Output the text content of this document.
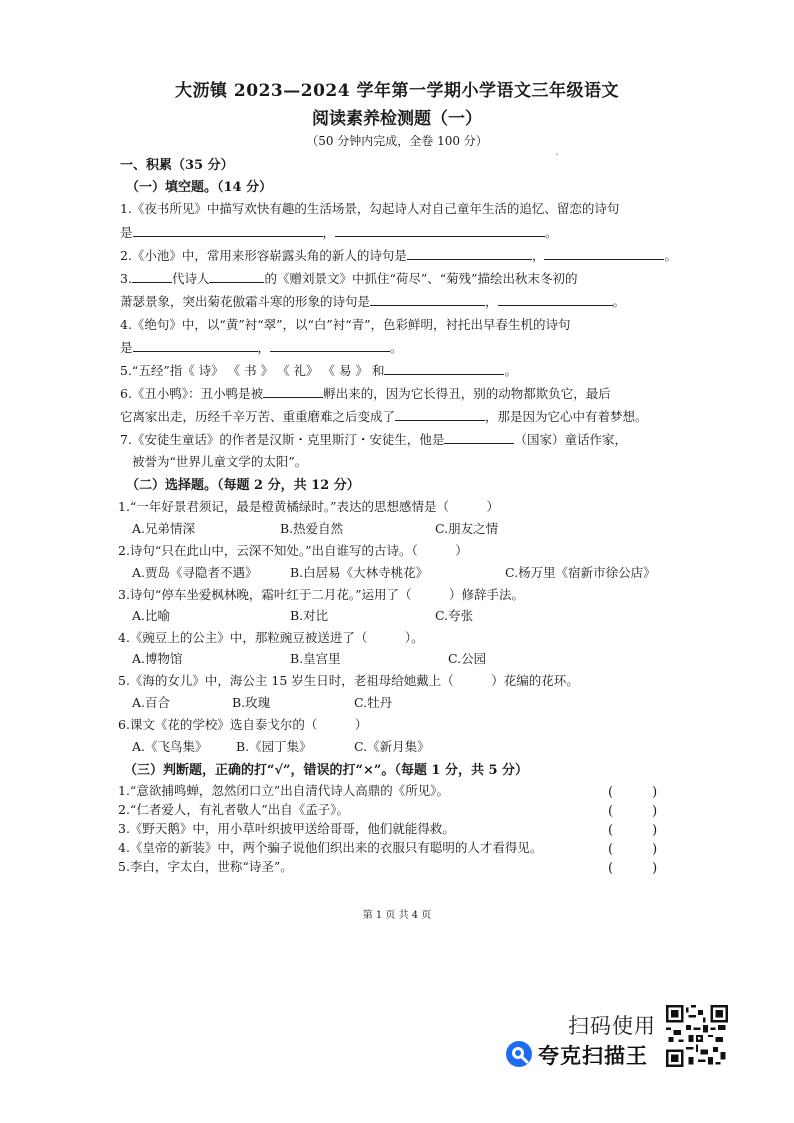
大沥镇 2023—2024 学年第一学期小学语文三年级语文
阅读素养检测题（一）
（50 分钟内完成，全卷 100 分）
ˋ
一、积累（35 分）
（一）填空题。（14 分）
1.《夜书所见》中描写欢快有趣的生活场景，勾起诗人对自己童年生活的追忆、留恋的诗句
是	，	。
2.《小池》中，常用来形容崭露头角的新人的诗句是	，	。
3.	代诗人	的《赠刘景文》中抓住“荷尽”、“菊残”描绘出秋末冬初的
萧瑟景象，突出菊花傲霜斗寒的形象的诗句是	，	。
4.《绝句》中，以“黄”衬“翠”，以“白”衬“青”，色彩鲜明，衬托出早春生机的诗句
是	，	。
5.“五经”指《 诗》 《 书 》 《 礼》 《 易 》 和	。
6.《丑小鸭》：丑小鸭是被	孵出来的，因为它长得丑，别的动物都欺负它，最后
它离家出走，历经千辛万苦、重重磨难之后变成了	，那是因为它心中有着梦想。
7.《安徒生童话》的作者是汉斯・克里斯汀・安徒生，他是	（国家）童话作家，
被誉为“世界儿童文学的太阳”。
（二）选择题。（每题 2 分，共 12 分）
1.“一年好景君须记，最是橙黄橘绿时。”表达的思想感情是（　　　）
A.兄弟情深	B.热爱自然	C.朋友之情
2.诗句“只在此山中，云深不知处。”出自谁写的古诗。（　　　）
A.贾岛《寻隐者不遇》	B.白居易《大林寺桃花》	C.杨万里《宿新市徐公店》
3.诗句“停车坐爱枫林晚，霜叶红于二月花。”运用了（　　　）修辞手法。
A.比喻	B.对比	C.夸张
4.《豌豆上的公主》中，那粒豌豆被送进了（　　　）。
A.博物馆	B.皇宫里	C.公园
5.《海的女儿》中，海公主 15 岁生日时，老祖母给她戴上（　　　）花编的花环。
A.百合	B.玫瑰	C.牡丹
6.课文《花的学校》选自泰戈尔的（　　　）
A.《飞鸟集》 B.《园丁集》	C.《新月集》
（三）判断题，正确的打“√”，错误的打“×”。（每题 1 分，共 5 分）
1.“意欲捕鸣蝉，忽然闭口立”出自清代诗人高鼎的《所见》。	(　　　)
2.“仁者爱人，有礼者敬人”出自《孟子》。	(　　　)
3.《野天鹅》中，用小草叶织披甲送给哥哥，他们就能得救。	(　　　)
4.《皇帝的新装》中，两个骗子说他们织出来的衣服只有聪明的人才看得见。	(　　　)
5.李白，字太白，世称“诗圣”。	(　　　)
第 1 页 共 4 页
扫码使用
夸克扫描王
